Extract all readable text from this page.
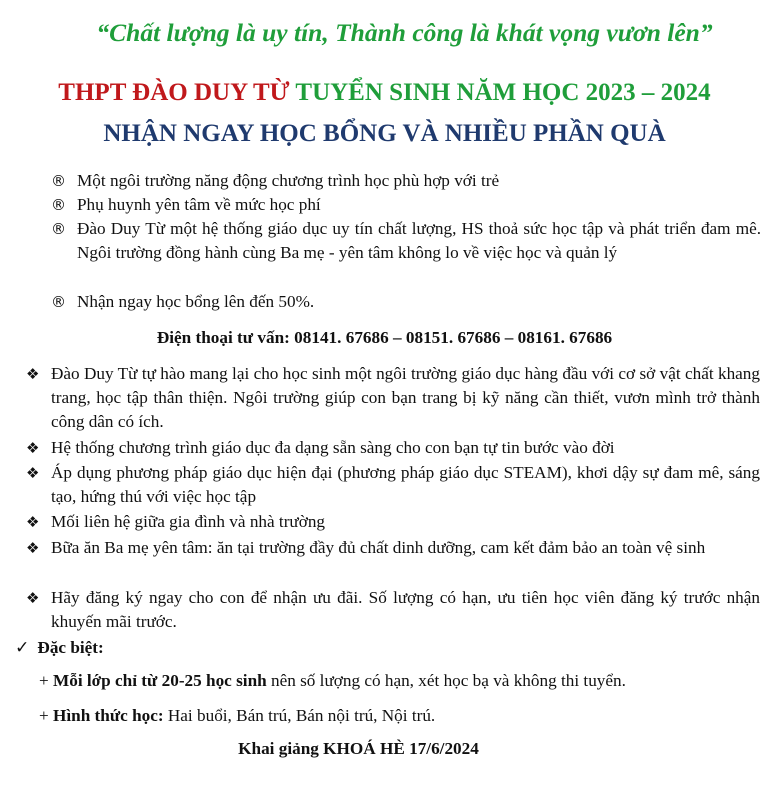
“Chất lượng là uy tín, Thành công là khát vọng vươn lên”
THPT ĐÀO DUY TỪ TUYỂN SINH NĂM HỌC 2023 – 2024
NHẬN NGAY HỌC BỔNG VÀ NHIỀU PHẦN QUÀ
® Một ngôi trường năng động chương trình học phù hợp với trẻ
® Phụ huynh yên tâm về mức học phí
® Đào Duy Từ một hệ thống giáo dục uy tín chất lượng, HS thoả sức học tập và phát triển đam mê. Ngôi trường đồng hành cùng Ba mẹ - yên tâm không lo về việc học và quản lý
® Nhận ngay học bổng lên đến 50%.
Điện thoại tư vấn: 08141. 67686 – 08151. 67686 – 08161. 67686
❖ Đào Duy Từ tự hào mang lại cho học sinh một ngôi trường giáo dục hàng đầu với cơ sở vật chất khang trang, học tập thân thiện. Ngôi trường giúp con bạn trang bị kỹ năng cần thiết, vươn mình trở thành công dân có ích.
❖ Hệ thống chương trình giáo dục đa dạng sẵn sàng cho con bạn tự tin bước vào đời
❖ Áp dụng phương pháp giáo dục hiện đại (phương pháp giáo dục STEAM), khơi dậy sự đam mê, sáng tạo, hứng thú với việc học tập
❖ Mối liên hệ giữa gia đình và nhà trường
❖ Bữa ăn Ba mẹ yên tâm: ăn tại trường đầy đủ chất dinh dưỡng, cam kết đảm bảo an toàn vệ sinh
❖ Hãy đăng ký ngay cho con để nhận ưu đãi. Số lượng có hạn, ưu tiên học viên đăng ký trước nhận khuyến mãi trước.
✓ Đặc biệt:
+ Mỗi lớp chỉ từ 20-25 học sinh nên số lượng có hạn, xét học bạ và không thi tuyển.
+ Hình thức học: Hai buổi, Bán trú, Bán nội trú, Nội trú.
Khai giảng KHOÁ HÈ 17/6/2024
